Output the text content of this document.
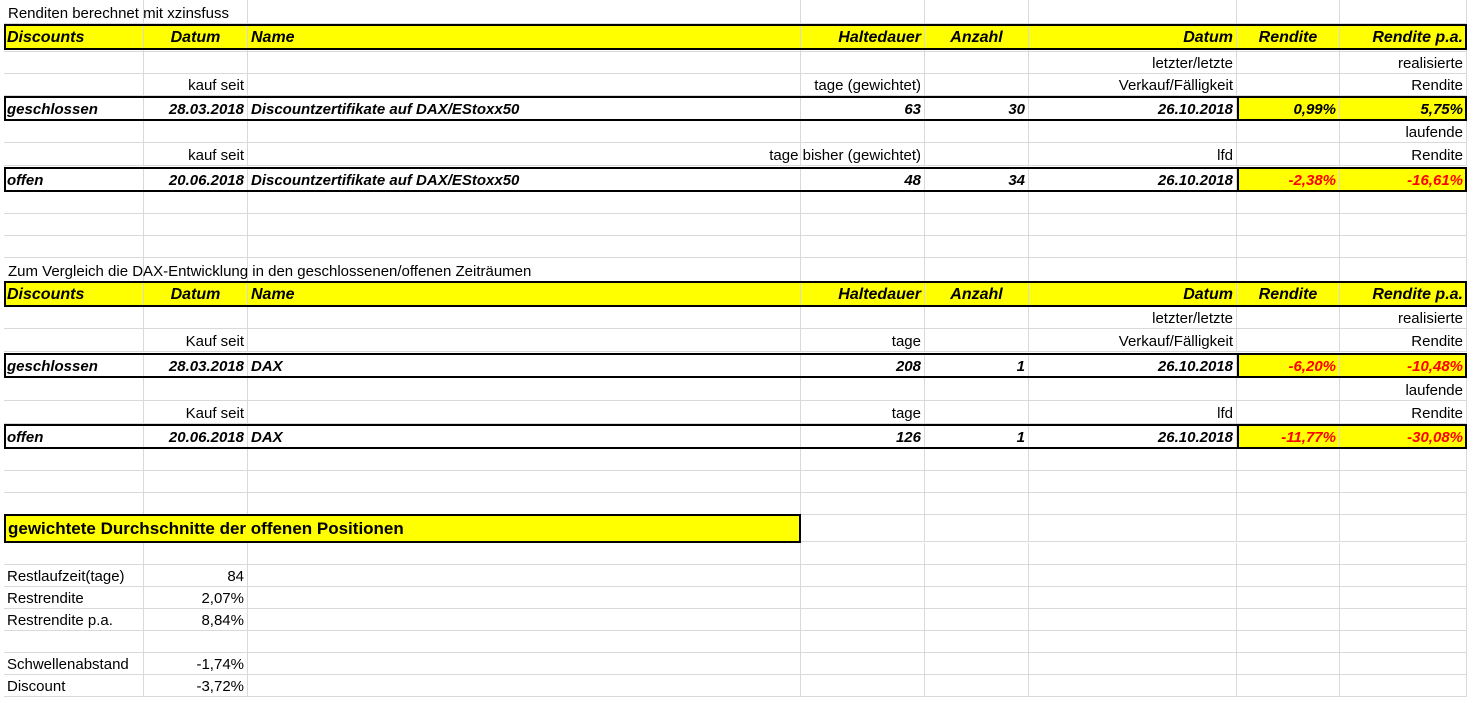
Renditen berechnet mit xzinsfuss
Discounts	Datum	Name	Haltedauer	Anzahl	Datum	Rendite	Rendite p.a.
letzter/letzte	realisierte
kauf seit	tage (gewichtet)	Verkauf/Fälligkeit	Rendite
geschlossen	28.03.2018 Discountzertifikate auf DAX/EStoxx50	63	30	26.10.2018	0,99%	5,75%
laufende
kauf seit	tage bisher (gewichtet)	lfd	Rendite
offen	20.06.2018 Discountzertifikate auf DAX/EStoxx50	48	34	26.10.2018	-2,38%	-16,61%
Zum Vergleich die DAX-Entwicklung in den geschlossenen/offenen Zeiträumen
Discounts	Datum	Name	Haltedauer	Anzahl	Datum	Rendite	Rendite p.a.
letzter/letzte	realisierte
Kauf seit	tage	Verkauf/Fälligkeit	Rendite
geschlossen	28.03.2018 DAX	208	1	26.10.2018	-6,20%	-10,48%
laufende
Kauf seit	tage	lfd	Rendite
offen	20.06.2018 DAX	126	1	26.10.2018	-11,77%	-30,08%
gewichtete Durchschnitte der offenen Positionen
Restlaufzeit(tage)	84
Restrendite	2,07%
Restrendite p.a.	8,84%
Schwellenabstand	-1,74%
Discount	-3,72%
